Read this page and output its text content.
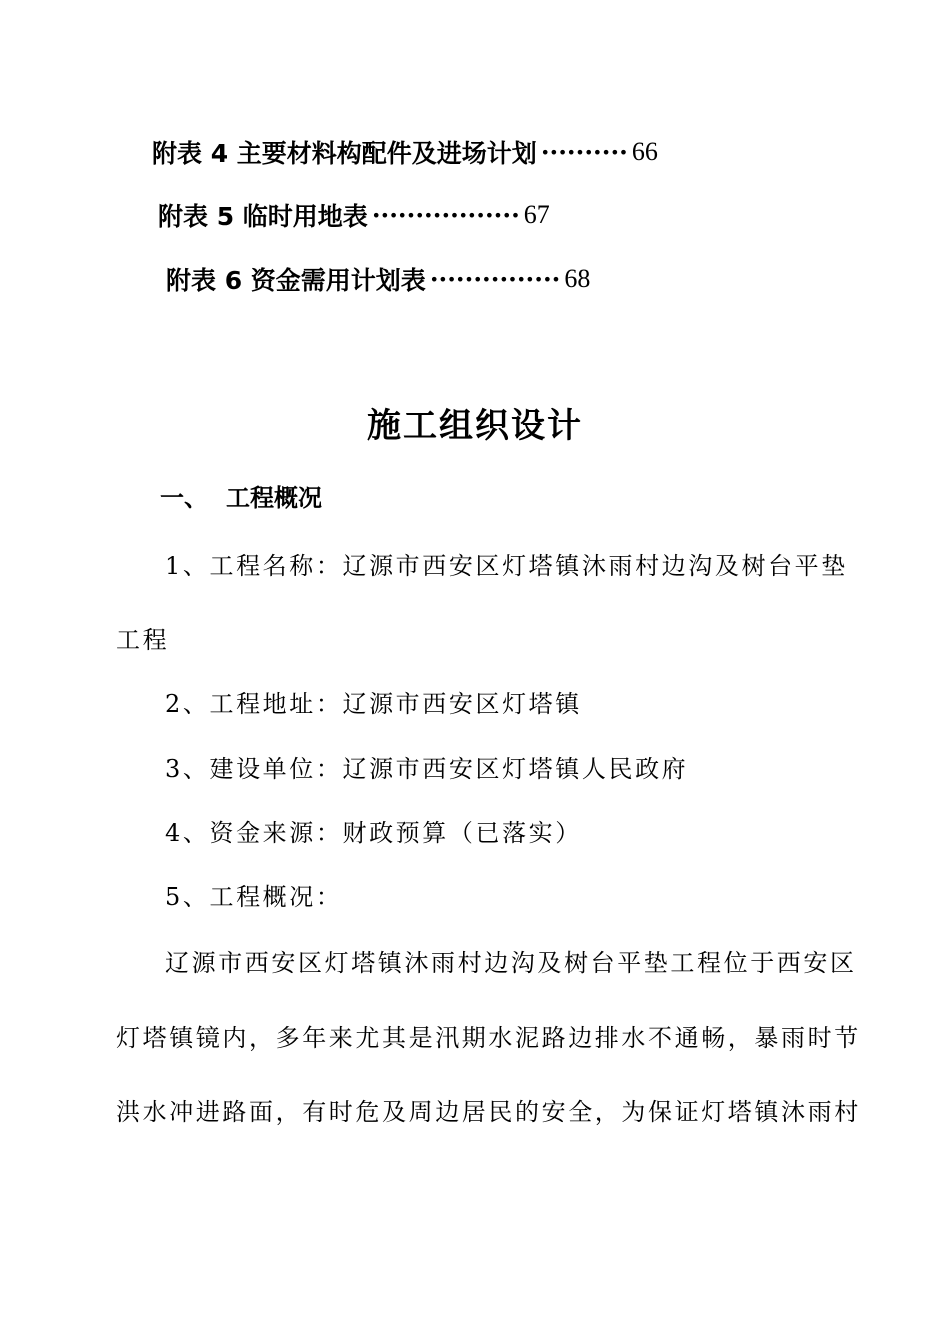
附表 4 主要材料构配件及进场计划 ·········· 66
附表 5 临时用地表 ················· 67
附表 6 资金需用计划表 ··············· 68
施工组织设计
一、 工程概况
1、工程名称：辽源市西安区灯塔镇沐雨村边沟及树台平垫
工程
2、工程地址：辽源市西安区灯塔镇
3、建设单位：辽源市西安区灯塔镇人民政府
4、资金来源：财政预算（已落实）
5、工程概况：
辽源市西安区灯塔镇沐雨村边沟及树台平垫工程位于西安区
灯塔镇镜内，多年来尤其是汛期水泥路边排水不通畅，暴雨时节
洪水冲进路面，有时危及周边居民的安全，为保证灯塔镇沐雨村
